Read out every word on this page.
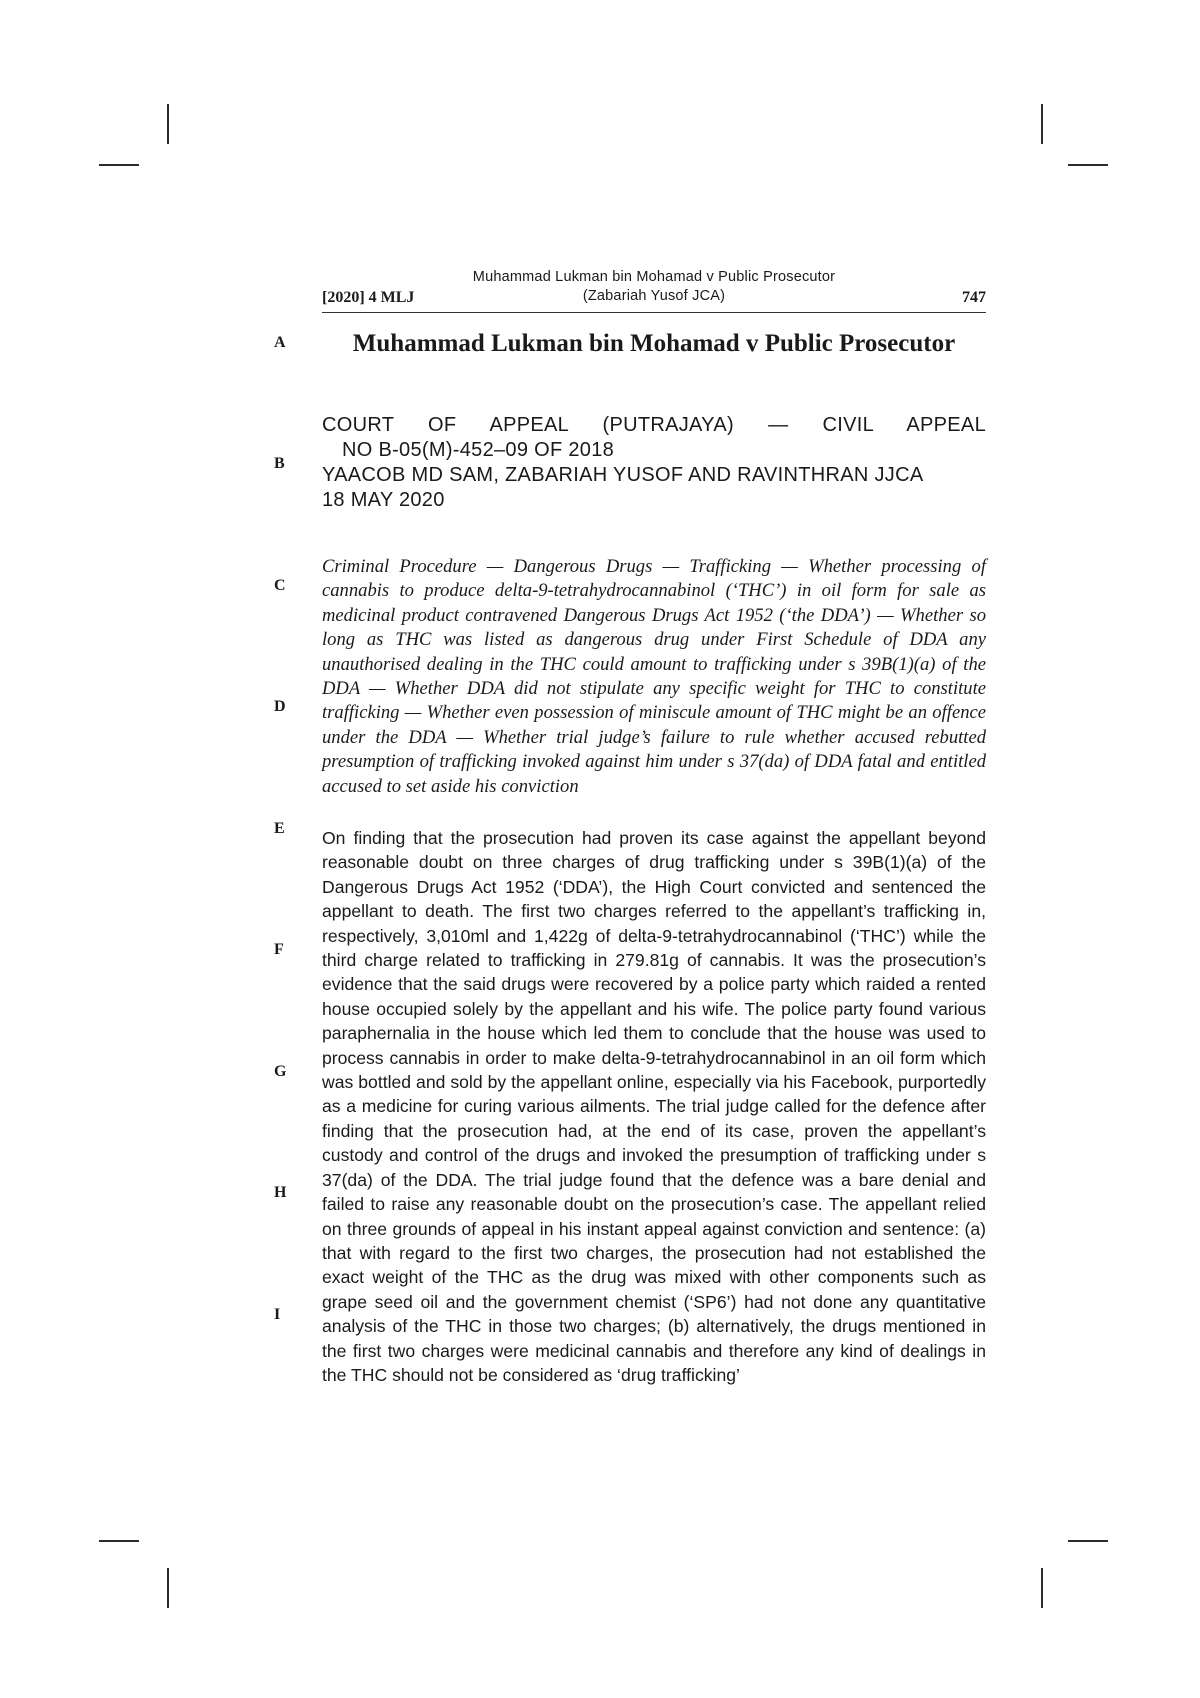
Muhammad Lukman bin Mohamad v Public Prosecutor
(Zabariah Yusof JCA)
[2020] 4 MLJ	747
A
B
C
D
E
F
G
H
I
Muhammad Lukman bin Mohamad v Public Prosecutor
COURT OF APPEAL (PUTRAJAYA) — CIVIL APPEAL
NO B-05(M)-452–09 OF 2018
YAACOB MD SAM, ZABARIAH YUSOF AND RAVINTHRAN JJCA
18 MAY 2020
Criminal Procedure — Dangerous Drugs — Trafficking — Whether processing of cannabis to produce delta-9-tetrahydrocannabinol (‘THC’) in oil form for sale as medicinal product contravened Dangerous Drugs Act 1952 (‘the DDA’) — Whether so long as THC was listed as dangerous drug under First Schedule of DDA any unauthorised dealing in the THC could amount to trafficking under s 39B(1)(a) of the DDA — Whether DDA did not stipulate any specific weight for THC to constitute trafficking — Whether even possession of miniscule amount of THC might be an offence under the DDA — Whether trial judge’s failure to rule whether accused rebutted presumption of trafficking invoked against him under s 37(da) of DDA fatal and entitled accused to set aside his conviction
On finding that the prosecution had proven its case against the appellant beyond reasonable doubt on three charges of drug trafficking under s 39B(1)(a) of the Dangerous Drugs Act 1952 (‘DDA’), the High Court convicted and sentenced the appellant to death. The first two charges referred to the appellant’s trafficking in, respectively, 3,010ml and 1,422g of delta-9-tetrahydrocannabinol (‘THC’) while the third charge related to trafficking in 279.81g of cannabis. It was the prosecution’s evidence that the said drugs were recovered by a police party which raided a rented house occupied solely by the appellant and his wife. The police party found various paraphernalia in the house which led them to conclude that the house was used to process cannabis in order to make delta-9-tetrahydrocannabinol in an oil form which was bottled and sold by the appellant online, especially via his Facebook, purportedly as a medicine for curing various ailments. The trial judge called for the defence after finding that the prosecution had, at the end of its case, proven the appellant’s custody and control of the drugs and invoked the presumption of trafficking under s 37(da) of the DDA. The trial judge found that the defence was a bare denial and failed to raise any reasonable doubt on the prosecution’s case. The appellant relied on three grounds of appeal in his instant appeal against conviction and sentence: (a) that with regard to the first two charges, the prosecution had not established the exact weight of the THC as the drug was mixed with other components such as grape seed oil and the government chemist (‘SP6’) had not done any quantitative analysis of the THC in those two charges; (b) alternatively, the drugs mentioned in the first two charges were medicinal cannabis and therefore any kind of dealings in the THC should not be considered as ‘drug trafficking’
